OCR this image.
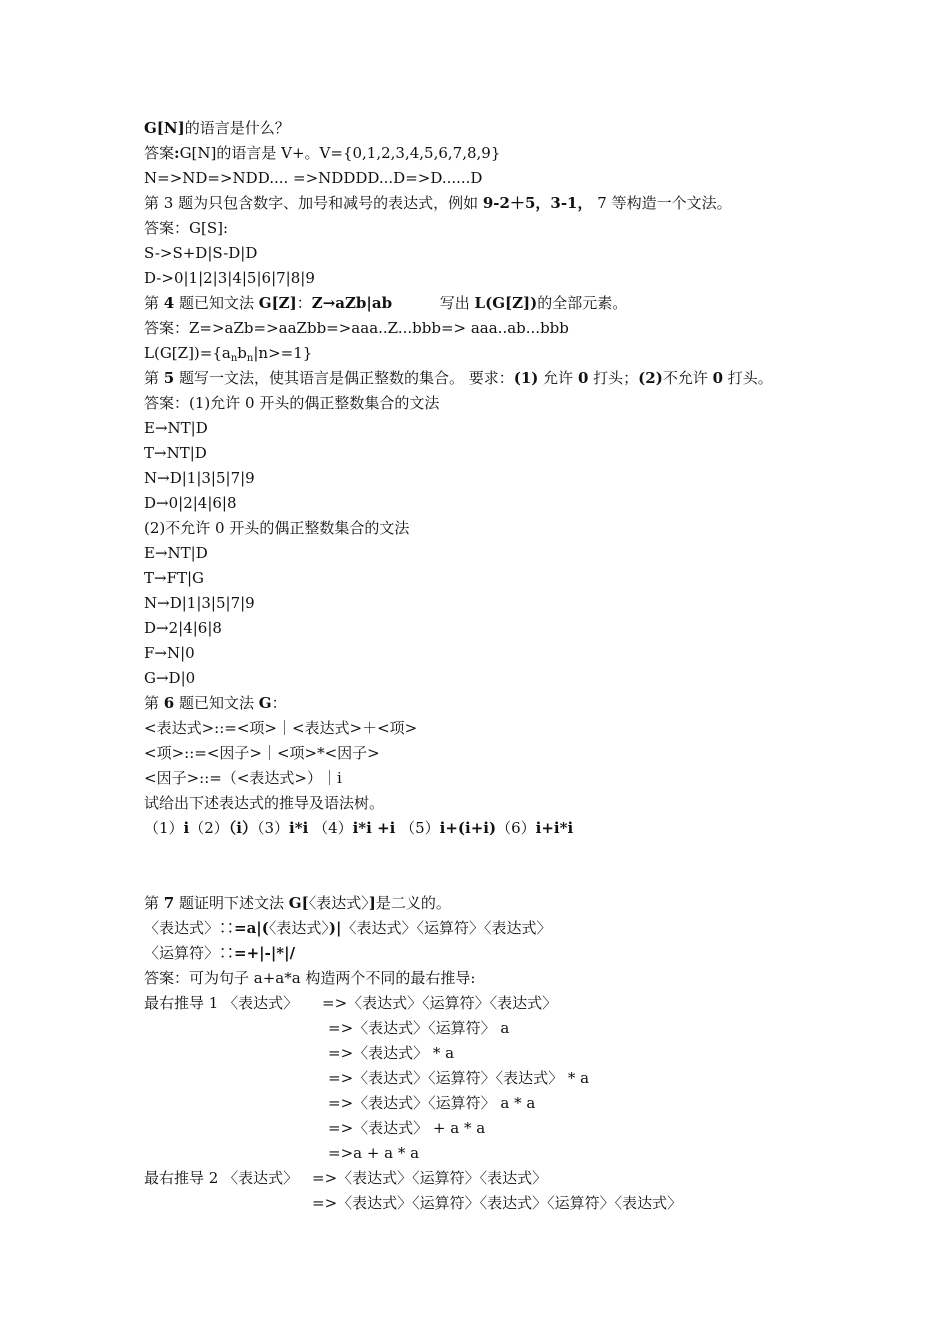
G[N]的语言是什么？
答案:G[N]的语言是 V+。V={0,1,2,3,4,5,6,7,8,9}
N=>ND=>NDD.... =>NDDDD...D=>D......D
第 3 题为只包含数字、加号和减号的表达式，例如 9-2＋5，3-1， 7 等构造一个文法。
答案：G[S]:
S->S+D|S-D|D
D->0|1|2|3|4|5|6|7|8|9
第 4 题已知文法 G[Z]：Z→aZb|ab          写出 L(G[Z])的全部元素。
答案：Z=>aZb=>aaZbb=>aaa..Z...bbb=> aaa..ab...bbb
$L(G[Z])=\{a_nb_n|n>=1\}$
第 5 题写一文法，使其语言是偶正整数的集合。 要求：(1) 允许 0 打头；(2)不允许 0 打头。
答案：(1)允许 0 开头的偶正整数集合的文法
E→NT|D
T→NT|D
N→D|1|3|5|7|9
D→0|2|4|6|8
(2)不允许 0 开头的偶正整数集合的文法
E→NT|D
T→FT|G
N→D|1|3|5|7|9
D→2|4|6|8
F→N|0
G→D|0
第 6 题已知文法 G：
<表达式>::=<项>｜<表达式>＋<项>
<项>::=<因子>｜<项>*<因子>
<因子>::=（<表达式>）｜i
试给出下述表达式的推导及语法树。
（1）i（2）（i）（3）i*i （4）i*i +i （5）i+(i+i)（6）i+i*i
第 7 题证明下述文法 G[〈表达式〉]是二义的。
〈表达式〉∷=a|(〈表达式〉)|〈表达式〉〈运算符〉〈表达式〉
〈运算符〉∷=+|-|*|/
答案：可为句子 a+a*a 构造两个不同的最右推导:
最右推导 1 〈表达式〉 =>〈表达式〉〈运算符〉〈表达式〉
=>〈表达式〉〈运算符〉 a
=>〈表达式〉 * a
=>〈表达式〉〈运算符〉〈表达式〉 * a
=>〈表达式〉〈运算符〉 a * a
=>〈表达式〉 + a * a
=>a + a * a
最右推导 2 〈表达式〉 =>〈表达式〉〈运算符〉〈表达式〉
=>〈表达式〉〈运算符〉〈表达式〉〈运算符〉〈表达式〉
